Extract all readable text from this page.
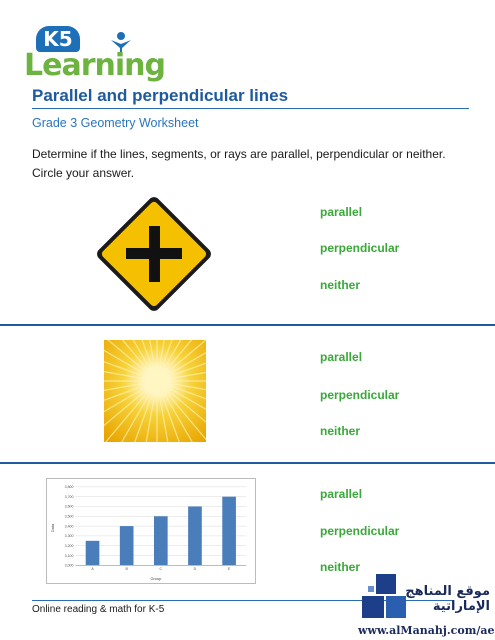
K5
Learning
Parallel and perpendicular lines
Grade 3 Geometry Worksheet
Determine if the lines, segments, or rays are parallel, perpendicular or neither. Circle your answer.
parallel
perpendicular
neither
parallel
perpendicular
neither
3,000
3,100
3,200
3,300
3,400
3,500
3,600
3,700
3,800
A	B	C	D	E
Group
Data
parallel
perpendicular
neither
Online reading & math for K-5
موقع المناهج الإماراتية
www.alManahj.com/ae
